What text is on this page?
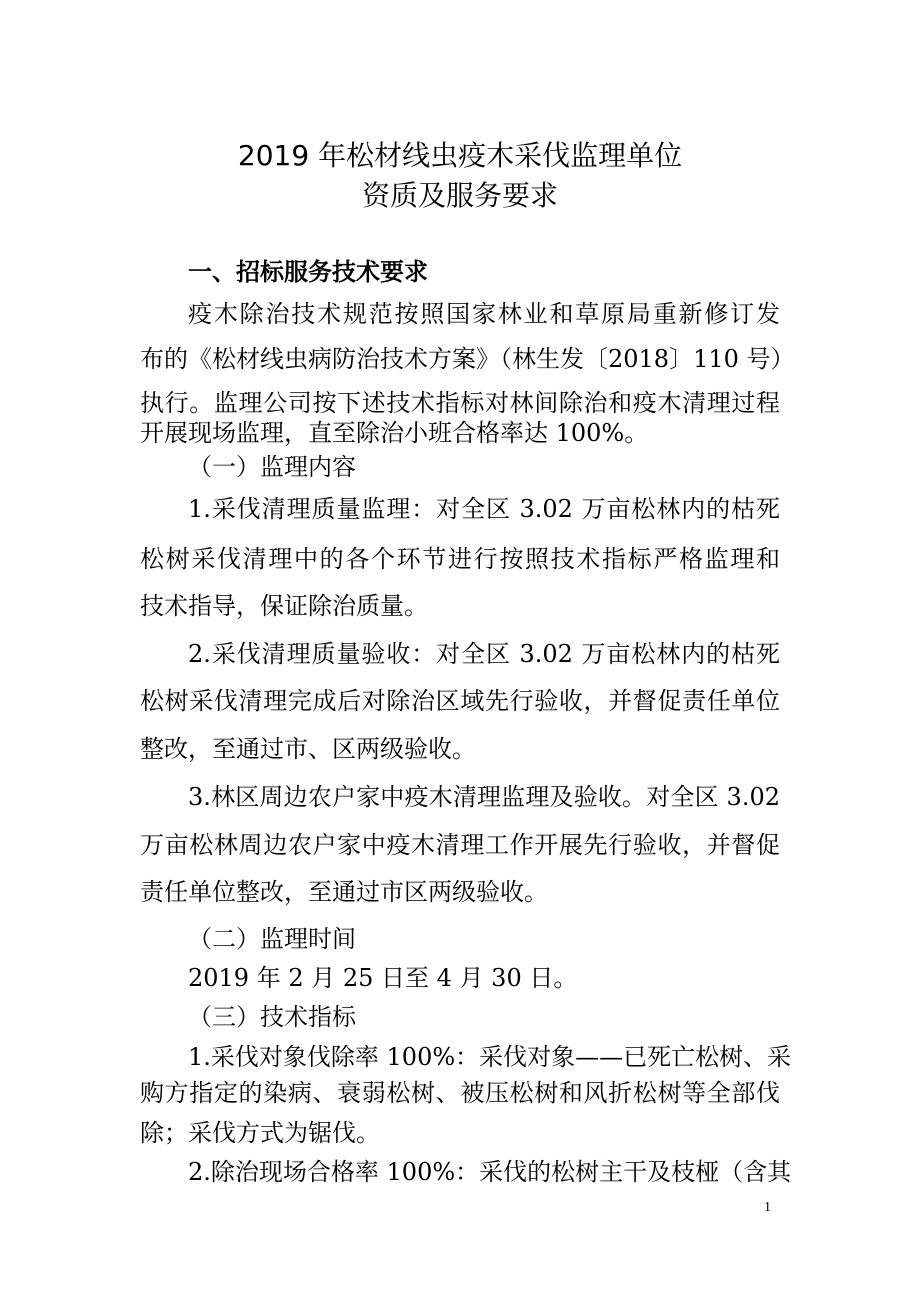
2019 年松材线虫疫木采伐监理单位
资质及服务要求
一、招标服务技术要求
疫木除治技术规范按照国家林业和草原局重新修订发
布的《松材线虫病防治技术方案》（林生发〔2018〕110 号）
执行。监理公司按下述技术指标对林间除治和疫木清理过程
开展现场监理，直至除治小班合格率达 100%。
（一）监理内容
1.采伐清理质量监理：对全区 3.02 万亩松林内的枯死
松树采伐清理中的各个环节进行按照技术指标严格监理和
技术指导，保证除治质量。
2.采伐清理质量验收：对全区 3.02 万亩松林内的枯死
松树采伐清理完成后对除治区域先行验收，并督促责任单位
整改，至通过市、区两级验收。
3.林区周边农户家中疫木清理监理及验收。对全区 3.02
万亩松林周边农户家中疫木清理工作开展先行验收，并督促
责任单位整改，至通过市区两级验收。
（二）监理时间
2019 年 2 月 25 日至 4 月 30 日。
（三）技术指标
1.采伐对象伐除率 100%：采伐对象——已死亡松树、采
购方指定的染病、衰弱松树、被压松树和风折松树等全部伐
除；采伐方式为锯伐。
2.除治现场合格率 100%：采伐的松树主干及枝桠（含其
1
